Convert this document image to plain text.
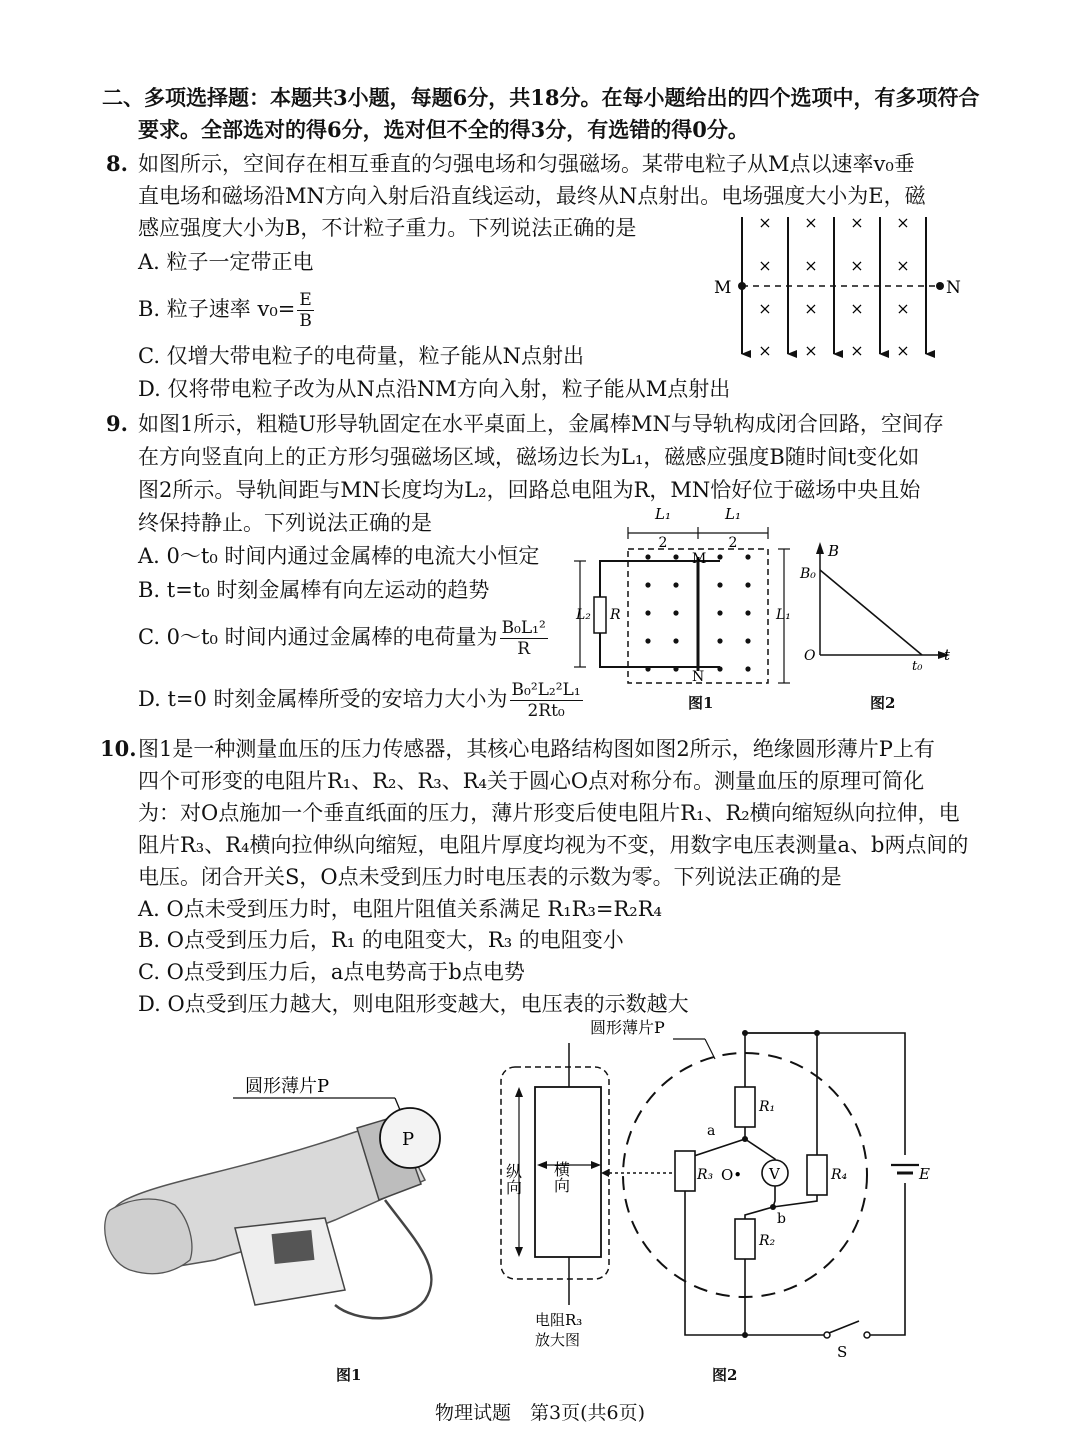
二、多项选择题：本题共3小题，每题6分，共18分。在每小题给出的四个选项中，有多项符合
要求。全部选对的得6分，选对但不全的得3分，有选错的得0分。
8. 如图所示，空间存在相互垂直的匀强电场和匀强磁场。某带电粒子从M点以速率v₀垂
直电场和磁场沿MN方向入射后沿直线运动，最终从N点射出。电场强度大小为E，磁
感应强度大小为B，不计粒子重力。下列说法正确的是
A. 粒子一定带正电
B. 粒子速率 $v_0= \frac{E}{B}$
C. 仅增大带电粒子的电荷量，粒子能从N点射出
D. 仅将带电粒子改为从N点沿NM方向入射，粒子能从M点射出
M	N
×
×
×
×
×
×
×
×
×
×
×
×
×
×
×
×
9. 如图1所示，粗糙U形导轨固定在水平桌面上，金属棒MN与导轨构成闭合回路，空间存
在方向竖直向上的正方形匀强磁场区域，磁场边长为L₁，磁感应强度B随时间t变化如
图2所示。导轨间距与MN长度均为L₂，回路总电阻为R，MN恰好位于磁场中央且始
终保持静止。下列说法正确的是
A. 0～t₀ 时间内通过金属棒的电流大小恒定
B. t=t₀ 时刻金属棒有向左运动的趋势
C. 0～t₀ 时间内通过金属棒的电荷量为 $\frac{\text{B₀L₁²}}{R}$
D. t=0 时刻金属棒所受的安培力大小为 $\frac{\text{B₀²L₂²L₁}}{\text{2Rt₀}}$
L₁
2
L₁
2
R
M
N
L₂	L₁
图1
B
B₀
O
t₀
t
图2
10. 图1是一种测量血压的压力传感器，其核心电路结构图如图2所示，绝缘圆形薄片P上有
四个可形变的电阻片R₁、R₂、R₃、R₄关于圆心O点对称分布。测量血压的原理可简化
为：对O点施加一个垂直纸面的压力，薄片形变后使电阻片R₁、R₂横向缩短纵向拉伸，电
阻片R₃、R₄横向拉伸纵向缩短，电阻片厚度均视为不变，用数字电压表测量a、b两点间的
电压。闭合开关S，O点未受到压力时电压表的示数为零。下列说法正确的是
A. O点未受到压力时，电阻片阻值关系满足 R₁R₃=R₂R₄
B. O点受到压力后，R₁ 的电阻变大，R₃ 的电阻变小
C. O点受到压力后，a点电势高于b点电势
D. O点受到压力越大，则电阻形变越大，电压表的示数越大
圆形薄片P
P
图1
纵向 横向
电阻R₃
放大图
圆形薄片P
R₁
R₂
R₃	R₄
V
a
b
O•	E
S
图2
物理试题　第3页(共6页)
